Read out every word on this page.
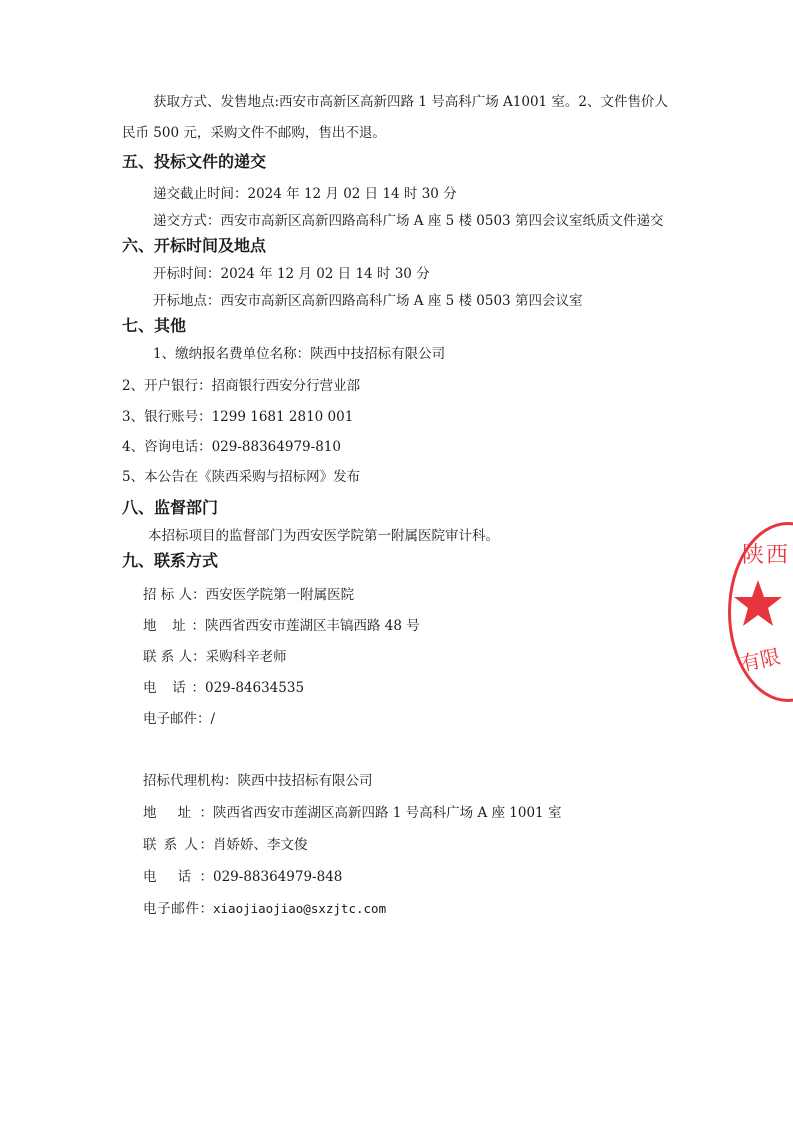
获取方式、发售地点:西安市高新区高新四路 1 号高科广场 A1001 室。2、文件售价人
民币 500 元，采购文件不邮购，售出不退。
五、投标文件的递交
递交截止时间：2024 年 12 月 02 日 14 时 30 分
递交方式：西安市高新区高新四路高科广场 A 座 5 楼 0503 第四会议室纸质文件递交
六、开标时间及地点
开标时间：2024 年 12 月 02 日 14 时 30 分
开标地点：西安市高新区高新四路高科广场 A 座 5 楼 0503 第四会议室
七、其他
1、缴纳报名费单位名称：陕西中技招标有限公司
2、开户银行：招商银行西安分行营业部
3、银行账号：1299 1681 2810 001
4、咨询电话：029-88364979-810
5、本公告在《陕西采购与招标网》发布
八、监督部门
本招标项目的监督部门为西安医学院第一附属医院审计科。
九、联系方式
招 标 人：西安医学院第一附属医院
地 址：陕西省西安市莲湖区丰镐西路 48 号
联 系 人：采购科辛老师
电 话：029-84634535
电子邮件：/
招标代理机构：陕西中技招标有限公司
地 址：陕西省西安市莲湖区高新四路 1 号高科广场 A 座 1001 室
联 系 人：肖娇娇、李文俊
电 话：029-88364979-848
电子邮件：xiaojiaojiao@sxzjtc.com
陕西
有限
